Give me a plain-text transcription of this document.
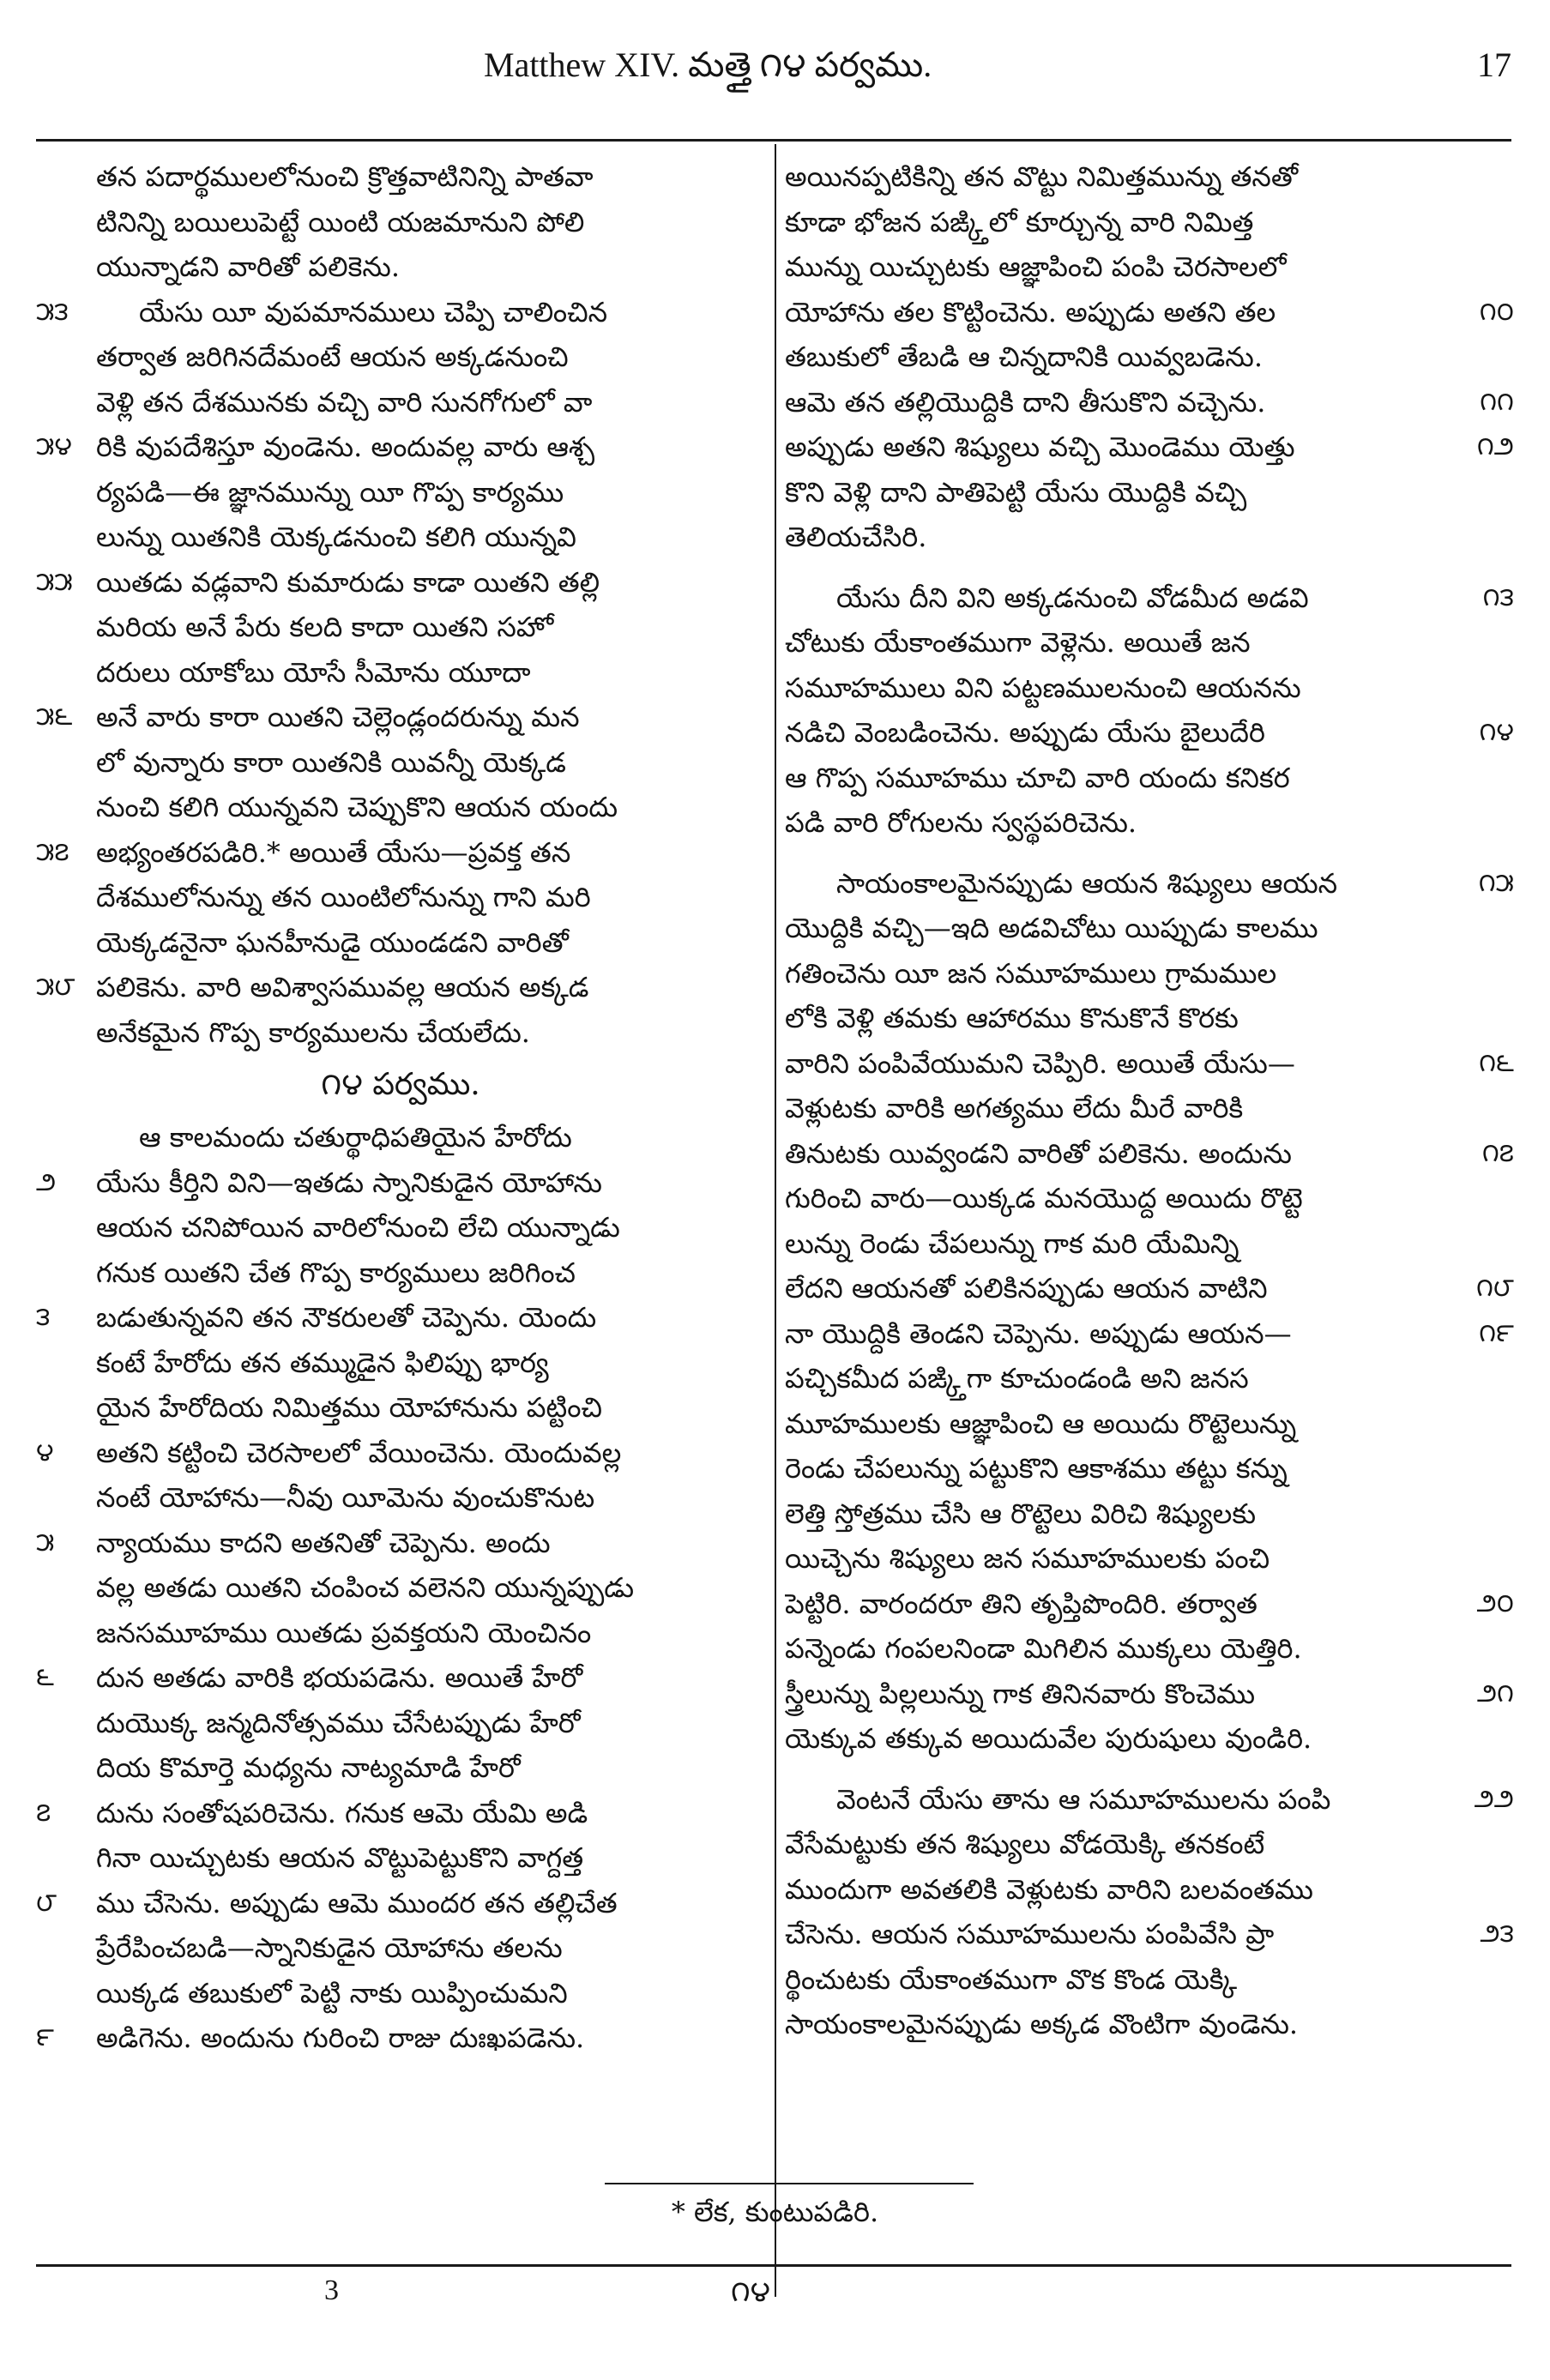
Matthew XIV. మత్తై ౧౪ పర్వము.	17
తన పదార్థములలోనుంచి క్రొత్తవాటినిన్ని పాతవా
టినిన్ని బయిలుపెట్టే యింటి యజమానుని పోలి
యున్నాడని వారితో పలికెను.
౫౩	యేసు యీ వుపమానములు చెప్పి చాలించిన
తర్వాత జరిగినదేమంటే ఆయన అక్కడనుంచి
వెళ్లి తన దేశమునకు వచ్చి వారి సునగోగులో వా
౫౪ రికి వుపదేశిస్తూ వుండెను. అందువల్ల వారు ఆశ్చ
ర్యపడి—ఈ జ్ఞానమున్ను యీ గొప్ప కార్యము
లున్ను యితనికి యెక్కడనుంచి కలిగి యున్నవి
౫౫ యితడు వడ్లవాని కుమారుడు కాడా యితని తల్లి
మరియ అనే పేరు కలది కాదా యితని సహో
దరులు యాకోబు యోసే సీమోను యూదా
౫౬ అనే వారు కారా యితని చెల్లెండ్లందరున్ను మన
లో వున్నారు కారా యితనికి యివన్నీ యెక్కడ
నుంచి కలిగి యున్నవని చెప్పుకొని ఆయన యందు
౫౭ అభ్యంతరపడిరి.* అయితే యేసు—ప్రవక్త తన
దేశములోనున్ను తన యింటిలోనున్ను గాని మరి
యెక్కడనైనా ఘనహీనుడై యుండడని వారితో
౫౮ పలికెను. వారి అవిశ్వాసమువల్ల ఆయన అక్కడ
అనేకమైన గొప్ప కార్యములను చేయలేదు.
౧౪ పర్వము.
ఆ కాలమందు చతుర్థాధిపతియైన హేరోదు
౨ యేసు కీర్తిని విని—ఇతడు స్నానికుడైన యోహాను
ఆయన చనిపోయిన వారిలోనుంచి లేచి యున్నాడు
గనుక యితని చేత గొప్ప కార్యములు జరిగించ
౩ బడుతున్నవని తన నౌకరులతో చెప్పెను. యెందు
కంటే హేరోదు తన తమ్ముడైన ఫిలిప్పు భార్య
యైన హేరోదియ నిమిత్తము యోహానును పట్టించి
౪ అతని కట్టించి చెరసాలలో వేయించెను. యెందువల్ల
నంటే యోహాను—నీవు యీమెను వుంచుకొనుట
౫ న్యాయము కాదని అతనితో చెప్పెను. అందు
వల్ల అతడు యితని చంపించ వలెనని యున్నప్పుడు
జనసమూహము యితడు ప్రవక్తయని యెంచినం
౬ దున అతడు వారికి భయపడెను. అయితే హేరో
దుయొక్క జన్మదినోత్సవము చేసేటప్పుడు హేరో
దియ కొమార్తె మధ్యను నాట్యమాడి హేరో
౭ దును సంతోషపరిచెను. గనుక ఆమె యేమి అడి
గినా యిచ్చుటకు ఆయన వొట్టుపెట్టుకొని వాగ్దత్త
౮ ము చేసెను. అప్పుడు ఆమె ముందర తన తల్లిచేత
ప్రేరేపించబడి—స్నానికుడైన యోహాను తలను
యిక్కడ తబుకులో పెట్టి నాకు యిప్పించుమని
౯ అడిగెను. అందును గురించి రాజు దుఃఖపడెను.
అయినప్పటికిన్ని తన వొట్టు నిమిత్తమున్ను తనతో
కూడా భోజన పఙ్క్తిలో కూర్చున్న వారి నిమిత్త
మున్ను యిచ్చుటకు ఆజ్ఞాపించి పంపి చెరసాలలో
౧౦
యోహాను తల కొట్టించెను. అప్పుడు అతని తల
తబుకులో తేబడి ఆ చిన్నదానికి యివ్వబడెను.
౧౧
ఆమె తన తల్లియొద్దికి దాని తీసుకొని వచ్చెను.
౧౨
అప్పుడు అతని శిష్యులు వచ్చి మొండెము యెత్తు
కొని వెళ్లి దాని పాతిపెట్టి యేసు యొద్దికి వచ్చి
తెలియచేసిరి.
౧౩
యేసు దీని విని అక్కడనుంచి వోడమీద అడవి
చోటుకు యేకాంతముగా వెళ్లెను. అయితే జన
సమూహములు విని పట్టణములనుంచి ఆయనను
౧౪
నడిచి వెంబడించెను. అప్పుడు యేసు బైలుదేరి
ఆ గొప్ప సమూహము చూచి వారి యందు కనికర
పడి వారి రోగులను స్వస్థపరిచెను.
౧౫
సాయంకాలమైనప్పుడు ఆయన శిష్యులు ఆయన
యొద్దికి వచ్చి—ఇది అడవిచోటు యిప్పుడు కాలము
గతించెను యీ జన సమూహములు గ్రామముల
లోకి వెళ్లి తమకు ఆహారము కొనుకొనే కొరకు
౧౬
వారిని పంపివేయుమని చెప్పిరి. అయితే యేసు—
వెళ్లుటకు వారికి అగత్యము లేదు మీరే వారికి
౧౭
తినుటకు యివ్వండని వారితో పలికెను. అందును
గురించి వారు—యిక్కడ మనయొద్ద అయిదు రొట్టె
లున్ను రెండు చేపలున్ను గాక మరి యేమిన్ని
౧౮
లేదని ఆయనతో పలికినప్పుడు ఆయన వాటిని
౧౯
నా యొద్దికి తెండని చెప్పెను. అప్పుడు ఆయన—
పచ్చికమీద పఙ్క్తిగా కూచుండండి అని జనస
మూహములకు ఆజ్ఞాపించి ఆ అయిదు రొట్టెలున్ను
రెండు చేపలున్ను పట్టుకొని ఆకాశము తట్టు కన్ను
లెత్తి స్తోత్రము చేసి ఆ రొట్టెలు విరిచి శిష్యులకు
యిచ్చెను శిష్యులు జన సమూహములకు పంచి
౨౦
పెట్టిరి. వారందరూ తిని తృప్తిపొందిరి. తర్వాత
పన్నెండు గంపలనిండా మిగిలిన ముక్కలు యెత్తిరి.
౨౧
స్త్రీలున్ను పిల్లలున్ను గాక తినినవారు కొంచెము
యెక్కువ తక్కువ అయిదువేల పురుషులు వుండిరి.
౨౨
వెంటనే యేసు తాను ఆ సమూహములను పంపి
వేసేమట్టుకు తన శిష్యులు వోడయెక్కి తనకంటే
ముందుగా అవతలికి వెళ్లుటకు వారిని బలవంతము
౨౩
చేసెను. ఆయన సమూహములను పంపివేసి ప్రా
ర్థించుటకు యేకాంతముగా వొక కొండ యెక్కి
సాయంకాలమైనప్పుడు అక్కడ వొంటిగా వుండెను.
* లేక, కుంటుపడిరి.
3	౧౪
